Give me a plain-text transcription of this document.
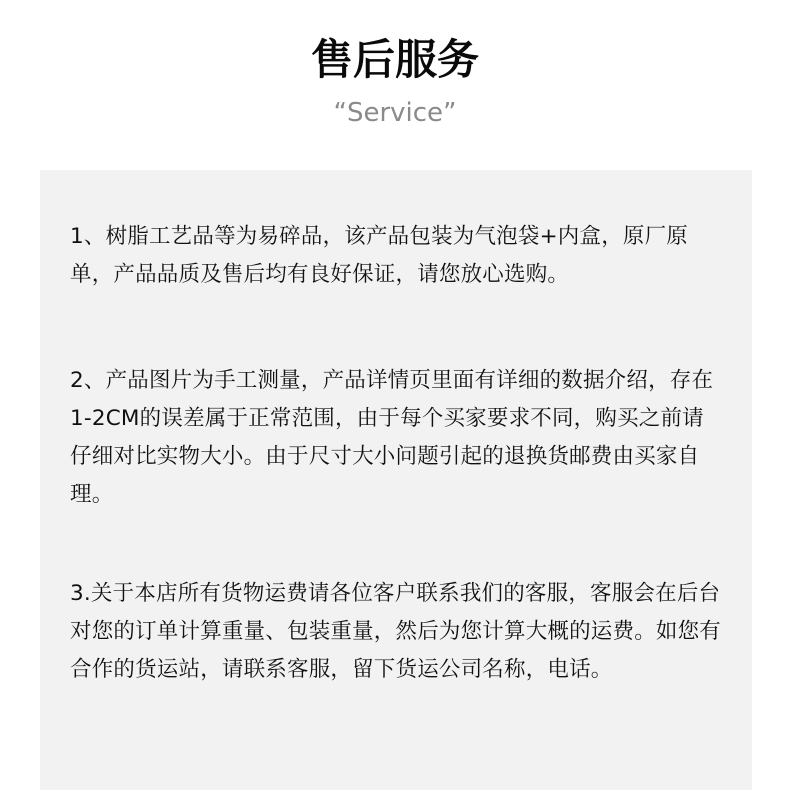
售后服务

“Service”

1、树脂工艺品等为易碎品，该产品包装为气泡袋+内盒，原厂原单，产品品质及售后均有良好保证，请您放心选购。

2、产品图片为手工测量，产品详情页里面有详细的数据介绍，存在1-2CM的误差属于正常范围，由于每个买家要求不同，购买之前请仔细对比实物大小。由于尺寸大小问题引起的退换货邮费由买家自理。

3.关于本店所有货物运费请各位客户联系我们的客服，客服会在后台对您的订单计算重量、包装重量，然后为您计算大概的运费。如您有合作的货运站，请联系客服，留下货运公司名称，电话。
